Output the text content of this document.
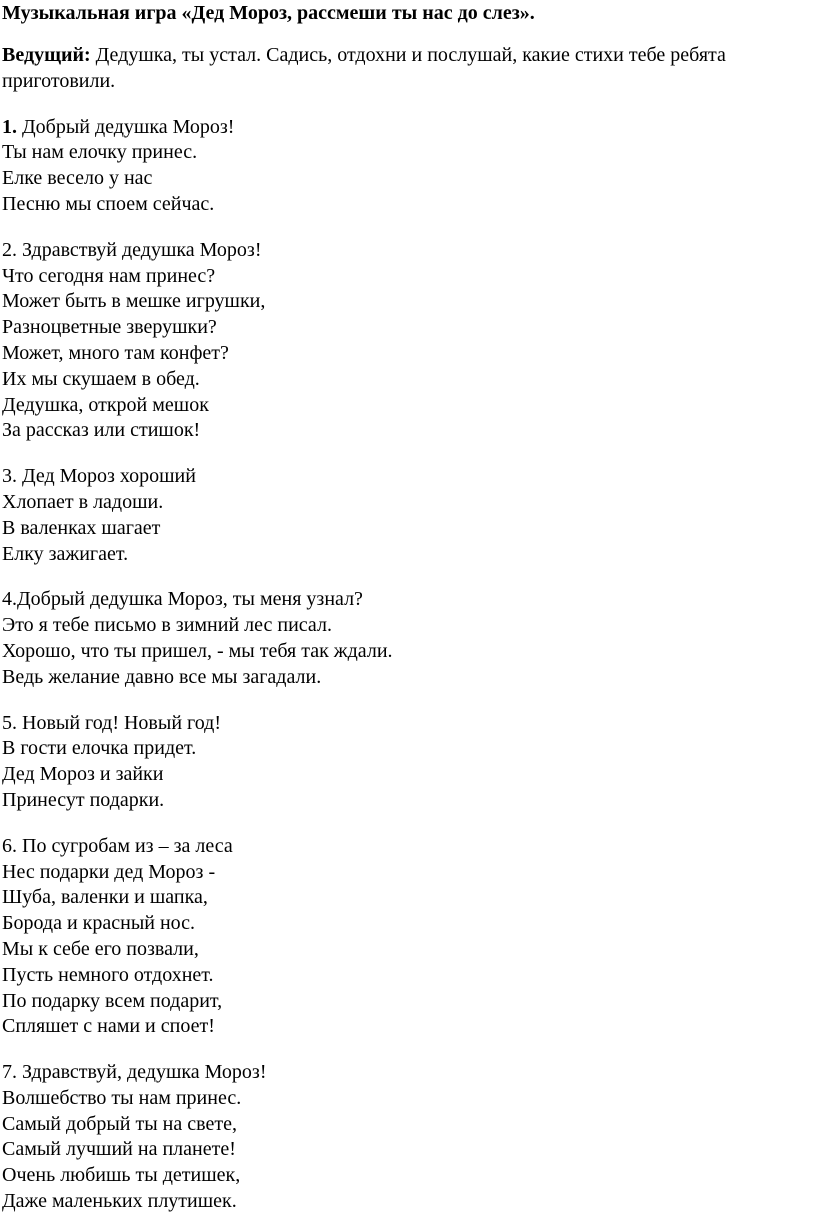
Музыкальная игра «Дед Мороз, рассмеши ты нас до слез».
Ведущий: Дедушка, ты устал. Садись, отдохни и послушай, какие стихи тебе ребята
приготовили.
1. Добрый дедушка Мороз!
Ты нам елочку принес.
Елке весело у нас
Песню мы споем сейчас.
2. Здравствуй дедушка Мороз!
Что сегодня нам принес?
Может быть в мешке игрушки,
Разноцветные зверушки?
Может, много там конфет?
Их мы скушаем в обед.
Дедушка, открой мешок
За рассказ или стишок!
3. Дед Мороз хороший
Хлопает в ладоши.
В валенках шагает
Елку зажигает.
4.Добрый дедушка Мороз, ты меня узнал?
Это я тебе письмо в зимний лес писал.
Хорошо, что ты пришел, - мы тебя так ждали.
Ведь желание давно все мы загадали.
5. Новый год! Новый год!
В гости елочка придет.
Дед Мороз и зайки
Принесут подарки.
6. По сугробам из – за леса
Нес подарки дед Мороз -
Шуба, валенки и шапка,
Борода и красный нос.
Мы к себе его позвали,
Пусть немного отдохнет.
По подарку всем подарит,
Спляшет с нами и споет!
7. Здравствуй, дедушка Мороз!
Волшебство ты нам принес.
Самый добрый ты на свете,
Самый лучший на планете!
Очень любишь ты детишек,
Даже маленьких плутишек.
